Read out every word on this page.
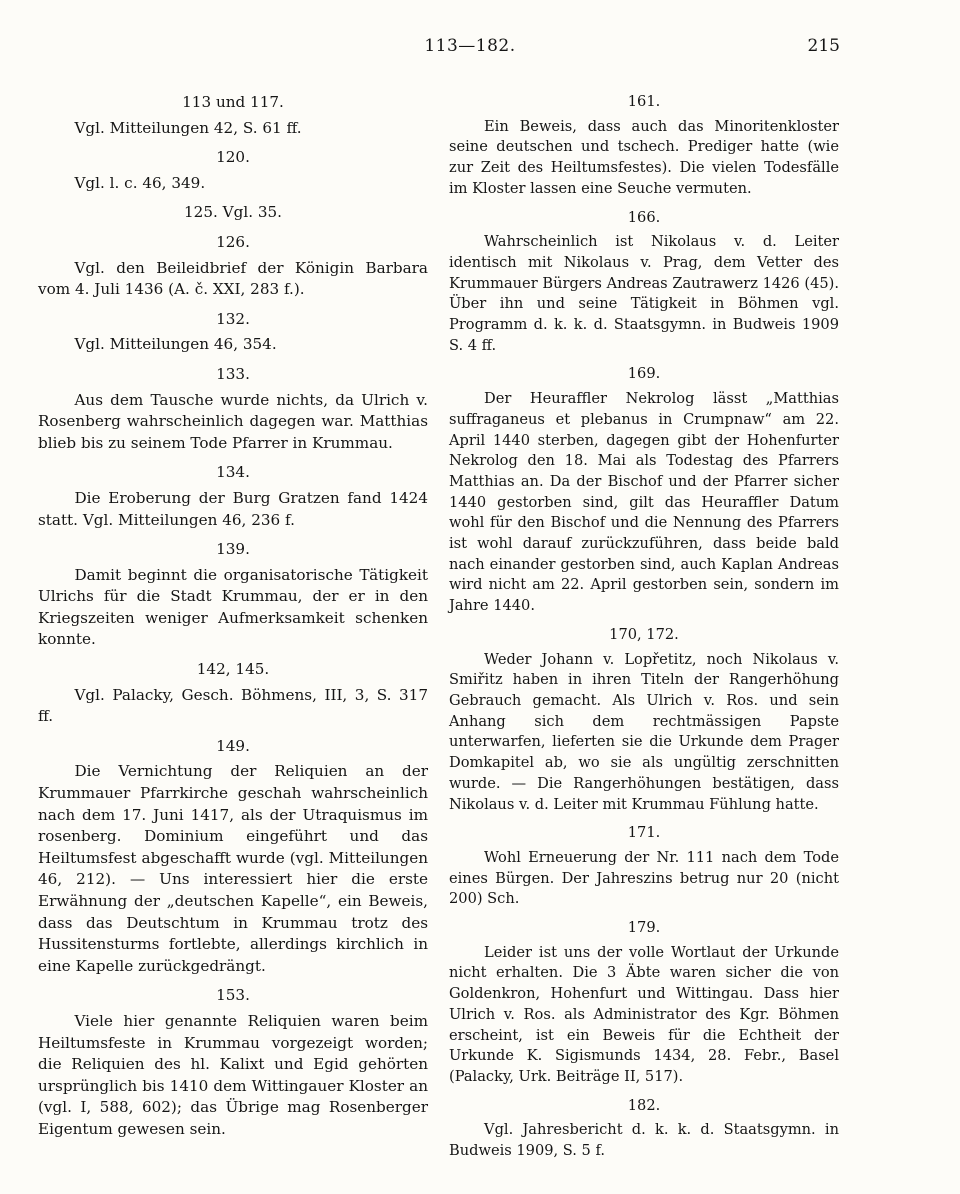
113—182.	215
113 und 117.

Vgl. Mitteilungen 42, S. 61 ff.

120.

Vgl. l. c. 46, 349.

125. Vgl. 35.
126.

Vgl. den Beileidbrief der Königin Barbara vom 4. Juli 1436 (A. č. XXI, 283 f.).

132.

Vgl. Mitteilungen 46, 354.

133.

Aus dem Tausche wurde nichts, da Ulrich v. Rosenberg wahrscheinlich dagegen war. Matthias blieb bis zu seinem Tode Pfarrer in Krummau.

134.

Die Eroberung der Burg Gratzen fand 1424 statt. Vgl. Mitteilungen 46, 236 f.

139.

Damit beginnt die organisatorische Tätigkeit Ulrichs für die Stadt Krummau, der er in den Kriegszeiten weniger Aufmerksamkeit schenken konnte.

142, 145.

Vgl. Palacky, Gesch. Böhmens, III, 3, S. 317 ff.

149.

Die Vernichtung der Reliquien an der Krummauer Pfarrkirche geschah wahrscheinlich nach dem 17. Juni 1417, als der Utraquismus im rosenberg. Dominium eingeführt und das Heiltumsfest abgeschafft wurde (vgl. Mitteilungen 46, 212). — Uns interessiert hier die erste Erwähnung der „deutschen Kapelle“, ein Beweis, dass das Deutschtum in Krummau trotz des Hussitensturms fortlebte, allerdings kirchlich in eine Kapelle zurückgedrängt.

153.

Viele hier genannte Reliquien waren beim Heiltumsfeste in Krummau vorgezeigt worden; die Reliquien des hl. Kalixt und Egid gehörten ursprünglich bis 1410 dem Wittingauer Kloster an (vgl. I, 588, 602); das Übrige mag Rosenberger Eigentum gewesen sein.

161.

Ein Beweis, dass auch das Minoritenkloster seine deutschen und tschech. Prediger hatte (wie zur Zeit des Heiltumsfestes). Die vielen Todesfälle im Kloster lassen eine Seuche vermuten.

166.

Wahrscheinlich ist Nikolaus v. d. Leiter identisch mit Nikolaus v. Prag, dem Vetter des Krummauer Bürgers Andreas Zautrawerz 1426 (45). Über ihn und seine Tätigkeit in Böhmen vgl. Programm d. k. k. d. Staatsgymn. in Budweis 1909 S. 4 ff.

169.

Der Heuraffler Nekrolog lässt „Matthias suffraganeus et plebanus in Crumpnaw“ am 22. April 1440 sterben, dagegen gibt der Hohenfurter Nekrolog den 18. Mai als Todestag des Pfarrers Matthias an. Da der Bischof und der Pfarrer sicher 1440 gestorben sind, gilt das Heuraffler Datum wohl für den Bischof und die Nennung des Pfarrers ist wohl darauf zurückzuführen, dass beide bald nach einander gestorben sind, auch Kaplan Andreas wird nicht am 22. April gestorben sein, sondern im Jahre 1440.

170, 172.

Weder Johann v. Lopřetitz, noch Nikolaus v. Smiřitz haben in ihren Titeln der Rangerhöhung Gebrauch gemacht. Als Ulrich v. Ros. und sein Anhang sich dem rechtmässigen Papste unterwarfen, lieferten sie die Urkunde dem Prager Domkapitel ab, wo sie als ungültig zerschnitten wurde. — Die Rangerhöhungen bestätigen, dass Nikolaus v. d. Leiter mit Krummau Fühlung hatte.

171.

Wohl Erneuerung der Nr. 111 nach dem Tode eines Bürgen. Der Jahreszins betrug nur 20 (nicht 200) Sch.

179.

Leider ist uns der volle Wortlaut der Urkunde nicht erhalten. Die 3 Äbte waren sicher die von Goldenkron, Hohenfurt und Wittingau. Dass hier Ulrich v. Ros. als Administrator des Kgr. Böhmen erscheint, ist ein Beweis für die Echtheit der Urkunde K. Sigismunds 1434, 28. Febr., Basel (Palacky, Urk. Beiträge II, 517).

182.

Vgl. Jahresbericht d. k. k. d. Staatsgymn. in Budweis 1909, S. 5 f.
